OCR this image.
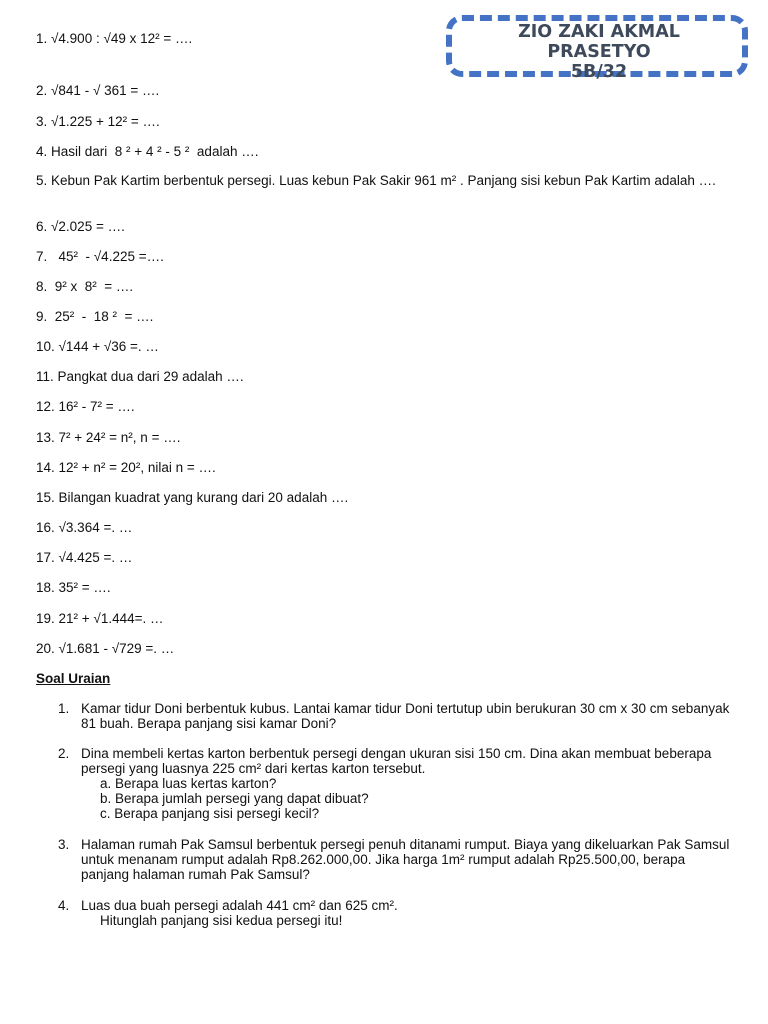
ZIO ZAKI AKMAL
PRASETYO
5B/32

1. √4.900 : √49 x 12² = ….

2. √841 - √ 361 = ….

3. √1.225 + 12² = ….

4. Hasil dari  8 ² + 4 ² - 5 ²  adalah ….

5. Kebun Pak Kartim berbentuk persegi. Luas kebun Pak Sakir 961 m² . Panjang sisi kebun Pak Kartim adalah ….

6. √2.025 = ….

7.   45²  - √4.225 =….

8.  9² x  8²  = ….

9.  25²  -  18 ²  = ….

10. √144 + √36 =. …

11. Pangkat dua dari 29 adalah ….

12. 16² - 7² = ….

13. 7² + 24² = n², n = ….

14. 12² + n² = 20², nilai n = ….

15. Bilangan kuadrat yang kurang dari 20 adalah ….

16. √3.364 =. …

17. √4.425 =. …

18. 35² = ….

19. 21² + √1.444=. …

20. √1.681 - √729 =. …

Soal Uraian
1. Kamar tidur Doni berbentuk kubus. Lantai kamar tidur Doni tertutup ubin berukuran 30 cm x 30 cm sebanyak 81 buah. Berapa panjang sisi kamar Doni?

2. Dina membeli kertas karton berbentuk persegi dengan ukuran sisi 150 cm. Dina akan membuat beberapa persegi yang luasnya 225 cm² dari kertas karton tersebut.

a. Berapa luas kertas karton?
b. Berapa jumlah persegi yang dapat dibuat?
c. Berapa panjang sisi persegi kecil?
3. Halaman rumah Pak Samsul berbentuk persegi penuh ditanami rumput. Biaya yang dikeluarkan Pak Samsul untuk menanam rumput adalah Rp8.262.000,00. Jika harga 1m² rumput adalah Rp25.500,00, berapa panjang halaman rumah Pak Samsul?

4. Luas dua buah persegi adalah 441 cm² dan 625 cm².

Hitunglah panjang sisi kedua persegi itu!
